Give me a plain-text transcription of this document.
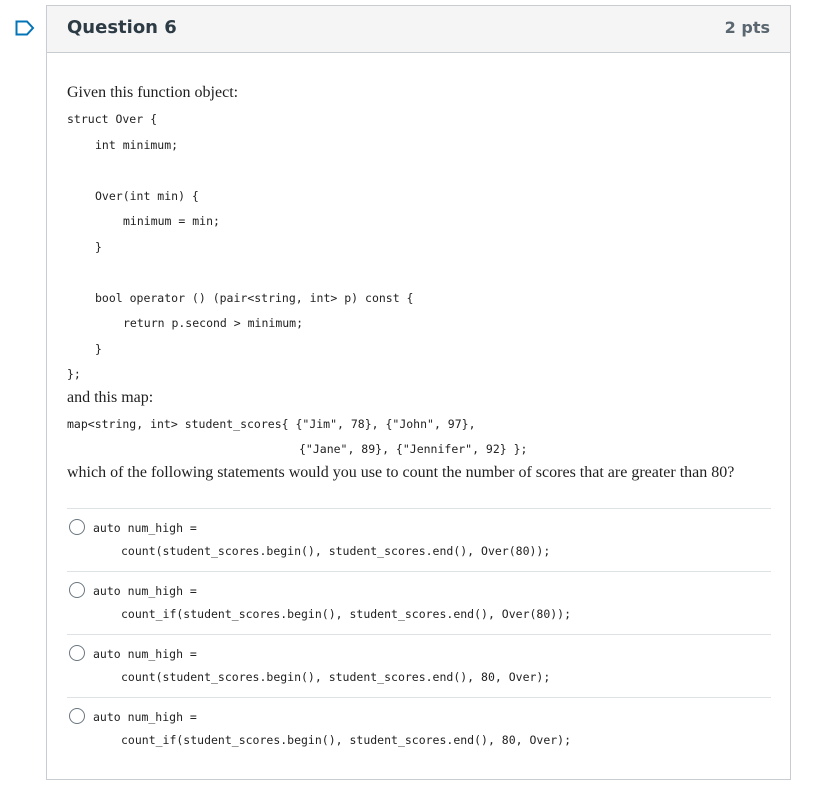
Question 6	2 pts
Given this function object:
struct Over {
int minimum;
Over(int min) {
minimum = min;
}
bool operator () (pair<string, int> p) const {
return p.second > minimum;
}
};
and this map:
map<string, int> student_scores{ {"Jim", 78}, {"John", 97},
{"Jane", 89}, {"Jennifer", 92} };
which of the following statements would you use to count the number of scores that are greater than 80?
auto num_high =
count(student_scores.begin(), student_scores.end(), Over(80));
auto num_high =
count_if(student_scores.begin(), student_scores.end(), Over(80));
auto num_high =
count(student_scores.begin(), student_scores.end(), 80, Over);
auto num_high =
count_if(student_scores.begin(), student_scores.end(), 80, Over);
